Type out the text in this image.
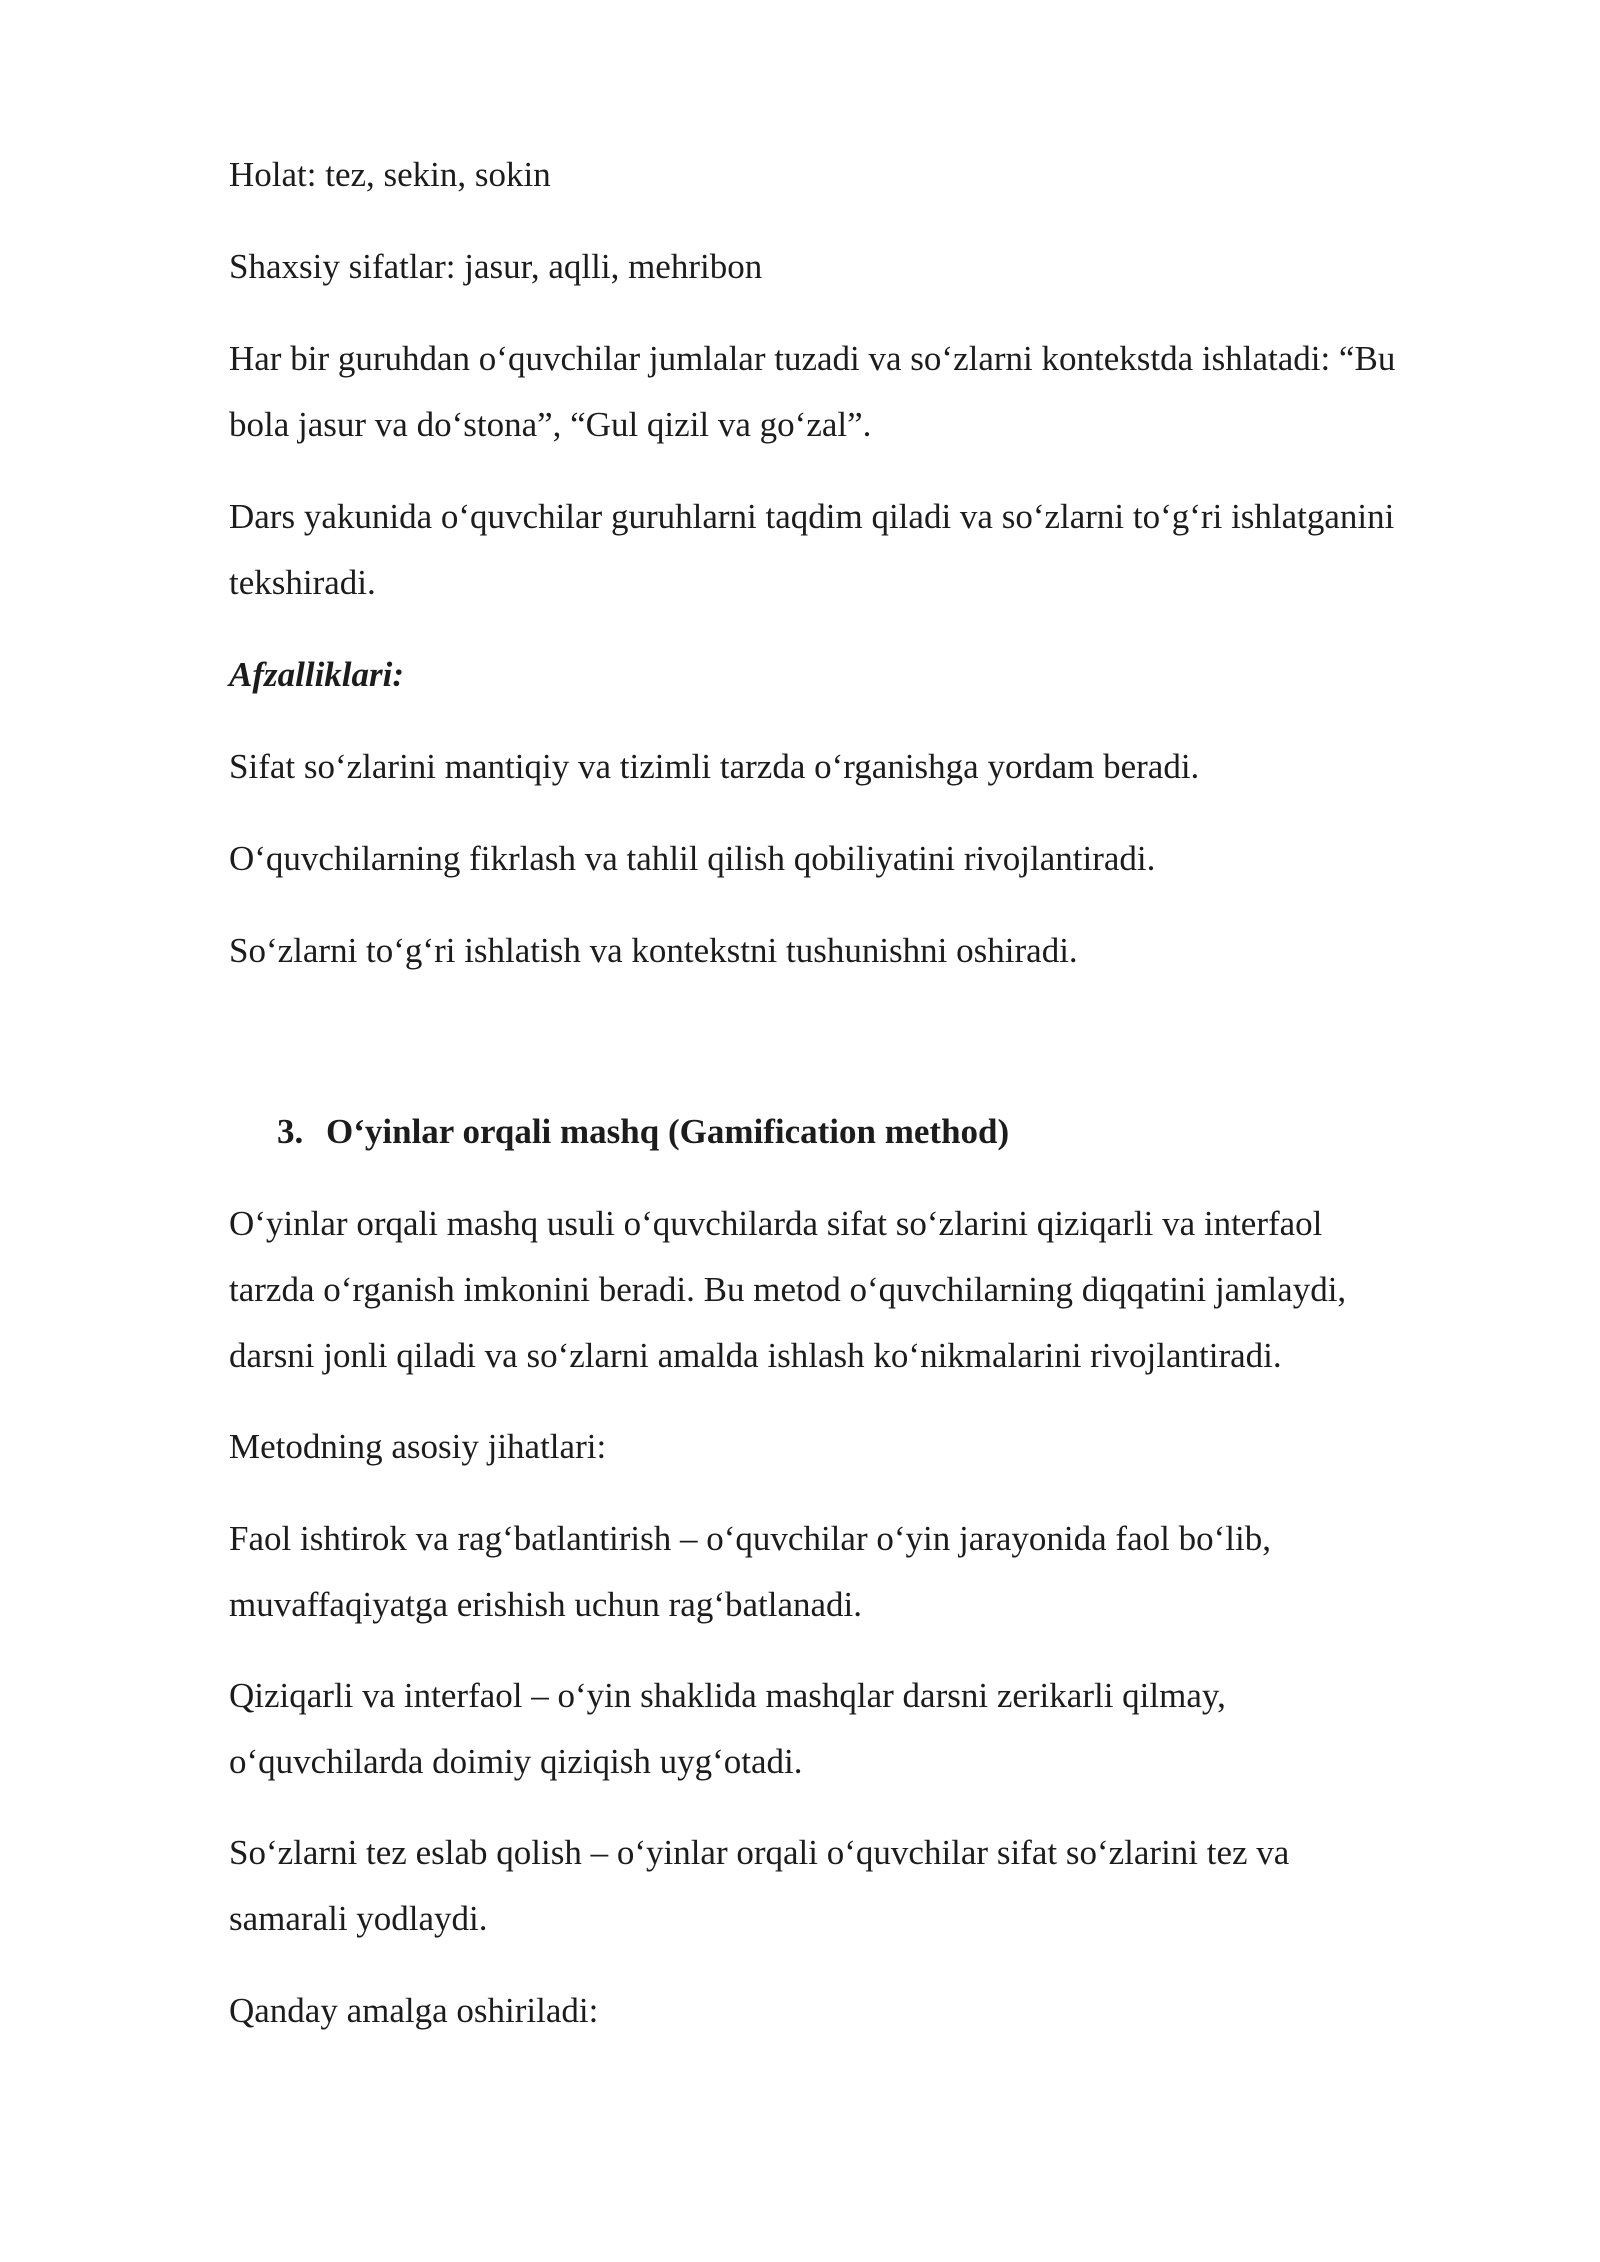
Holat: tez, sekin, sokin

Shaxsiy sifatlar: jasur, aqlli, mehribon

Har bir guruhdan o‘quvchilar jumlalar tuzadi va so‘zlarni kontekstda ishlatadi: “Bu
bola jasur va do‘stona”, “Gul qizil va go‘zal”.

Dars yakunida o‘quvchilar guruhlarni taqdim qiladi va so‘zlarni to‘g‘ri ishlatganini
tekshiradi.

Afzalliklari:

Sifat so‘zlarini mantiqiy va tizimli tarzda o‘rganishga yordam beradi.

O‘quvchilarning fikrlash va tahlil qilish qobiliyatini rivojlantiradi.

So‘zlarni to‘g‘ri ishlatish va kontekstni tushunishni oshiradi.

3. O‘yinlar orqali mashq (Gamification method)

O‘yinlar orqali mashq usuli o‘quvchilarda sifat so‘zlarini qiziqarli va interfaol
tarzda o‘rganish imkonini beradi. Bu metod o‘quvchilarning diqqatini jamlaydi,
darsni jonli qiladi va so‘zlarni amalda ishlash ko‘nikmalarini rivojlantiradi.

Metodning asosiy jihatlari:

Faol ishtirok va rag‘batlantirish – o‘quvchilar o‘yin jarayonida faol bo‘lib,
muvaffaqiyatga erishish uchun rag‘batlanadi.

Qiziqarli va interfaol – o‘yin shaklida mashqlar darsni zerikarli qilmay,
o‘quvchilarda doimiy qiziqish uyg‘otadi.

So‘zlarni tez eslab qolish – o‘yinlar orqali o‘quvchilar sifat so‘zlarini tez va
samarali yodlaydi.

Qanday amalga oshiriladi:
